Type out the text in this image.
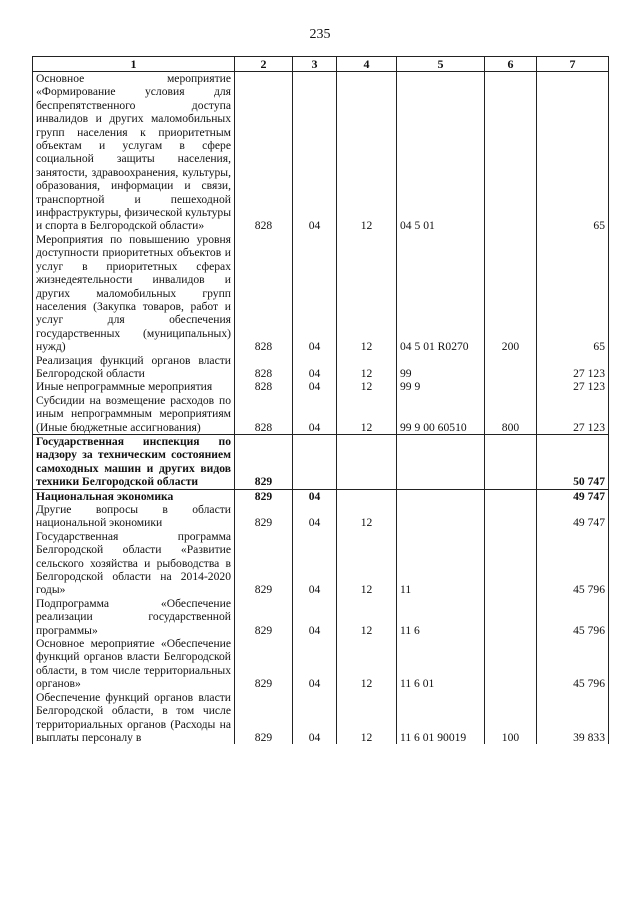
235
1	2	3	4	5	6	7
Основное мероприятие «Формирование условия для беспрепятственного доступа инвалидов и других маломобильных групп населения к приоритетным объектам и услугам в сфере социальной защиты населения, занятости, здравоохранения, культуры, образования, информации и связи, транспортной и пешеходной инфраструктуры, физической культуры и спорта в Белгородской области»	828	04	12	04 5 01		65
Мероприятия по повышению уровня доступности приоритетных объектов и услуг в приоритетных сферах жизнедеятельности инвалидов и других маломобильных групп населения (Закупка товаров, работ и услуг для обеспечения государственных (муниципальных) нужд)	828	04	12	04 5 01 R0270	200	65
Реализация функций органов власти Белгородской области	828	04	12	99		27 123
Иные непрограммные мероприятия	828	04	12	99 9		27 123
Субсидии на возмещение расходов по иным непрограммным мероприятиям (Иные бюджетные ассигнования)	828	04	12	99 9 00 60510	800	27 123
Государственная инспекция по надзору за техническим состоянием самоходных машин и других видов техники Белгородской области	829					50 747
Национальная экономика	829	04				49 747
Другие вопросы в области национальной экономики	829	04	12			49 747
Государственная программа Белгородской области «Развитие сельского хозяйства и рыбоводства в Белгородской области на 2014-2020 годы»	829	04	12	11		45 796
Подпрограмма «Обеспечение реализации государственной программы»	829	04	12	11 6		45 796
Основное мероприятие «Обеспечение функций органов власти Белгородской области, в том числе территориальных органов»	829	04	12	11 6 01		45 796
Обеспечение функций органов власти Белгородской области, в том числе территориальных органов (Расходы на выплаты персоналу в	829	04	12	11 6 01 90019	100	39 833
